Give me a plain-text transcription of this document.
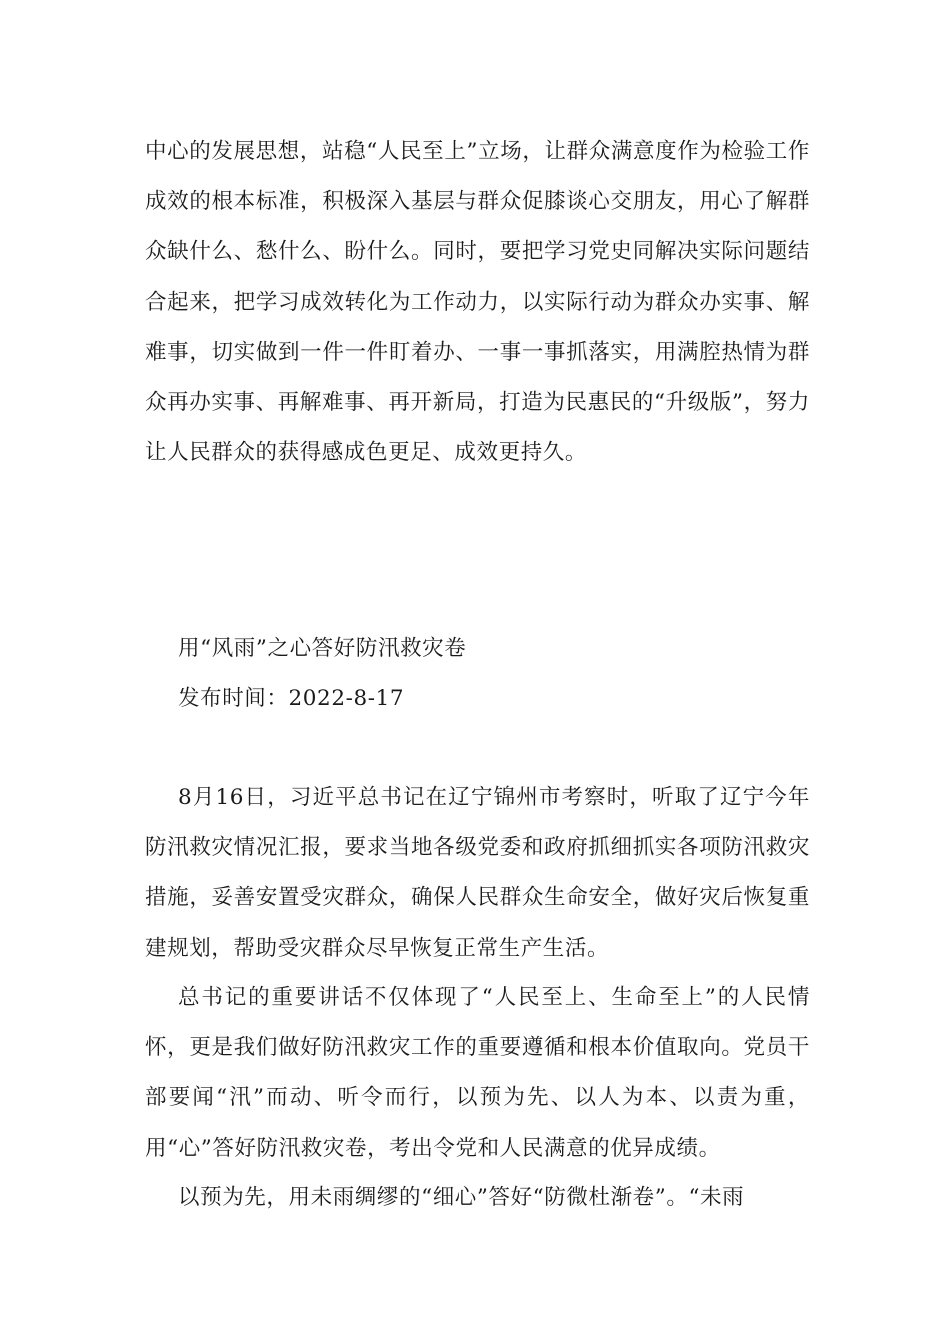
中心的发展思想，站稳“人民至上”立场，让群众满意度作为检验工作成效的根本标准，积极深入基层与群众促膝谈心交朋友，用心了解群众缺什么、愁什么、盼什么。同时，要把学习党史同解决实际问题结合起来，把学习成效转化为工作动力，以实际行动为群众办实事、解难事，切实做到一件一件盯着办、一事一事抓落实，用满腔热情为群众再办实事、再解难事、再开新局，打造为民惠民的“升级版”，努力让人民群众的获得感成色更足、成效更持久。

用“风雨”之心答好防汛救灾卷

发布时间：2022-8-17

8月16日，习近平总书记在辽宁锦州市考察时，听取了辽宁今年防汛救灾情况汇报，要求当地各级党委和政府抓细抓实各项防汛救灾措施，妥善安置受灾群众，确保人民群众生命安全，做好灾后恢复重建规划，帮助受灾群众尽早恢复正常生产生活。

总书记的重要讲话不仅体现了“人民至上、生命至上”的人民情怀，更是我们做好防汛救灾工作的重要遵循和根本价值取向。党员干部要闻“汛”而动、听令而行，以预为先、以人为本、以责为重，用“心”答好防汛救灾卷，考出令党和人民满意的优异成绩。

以预为先，用未雨绸缪的“细心”答好“防微杜渐卷”。“未雨
